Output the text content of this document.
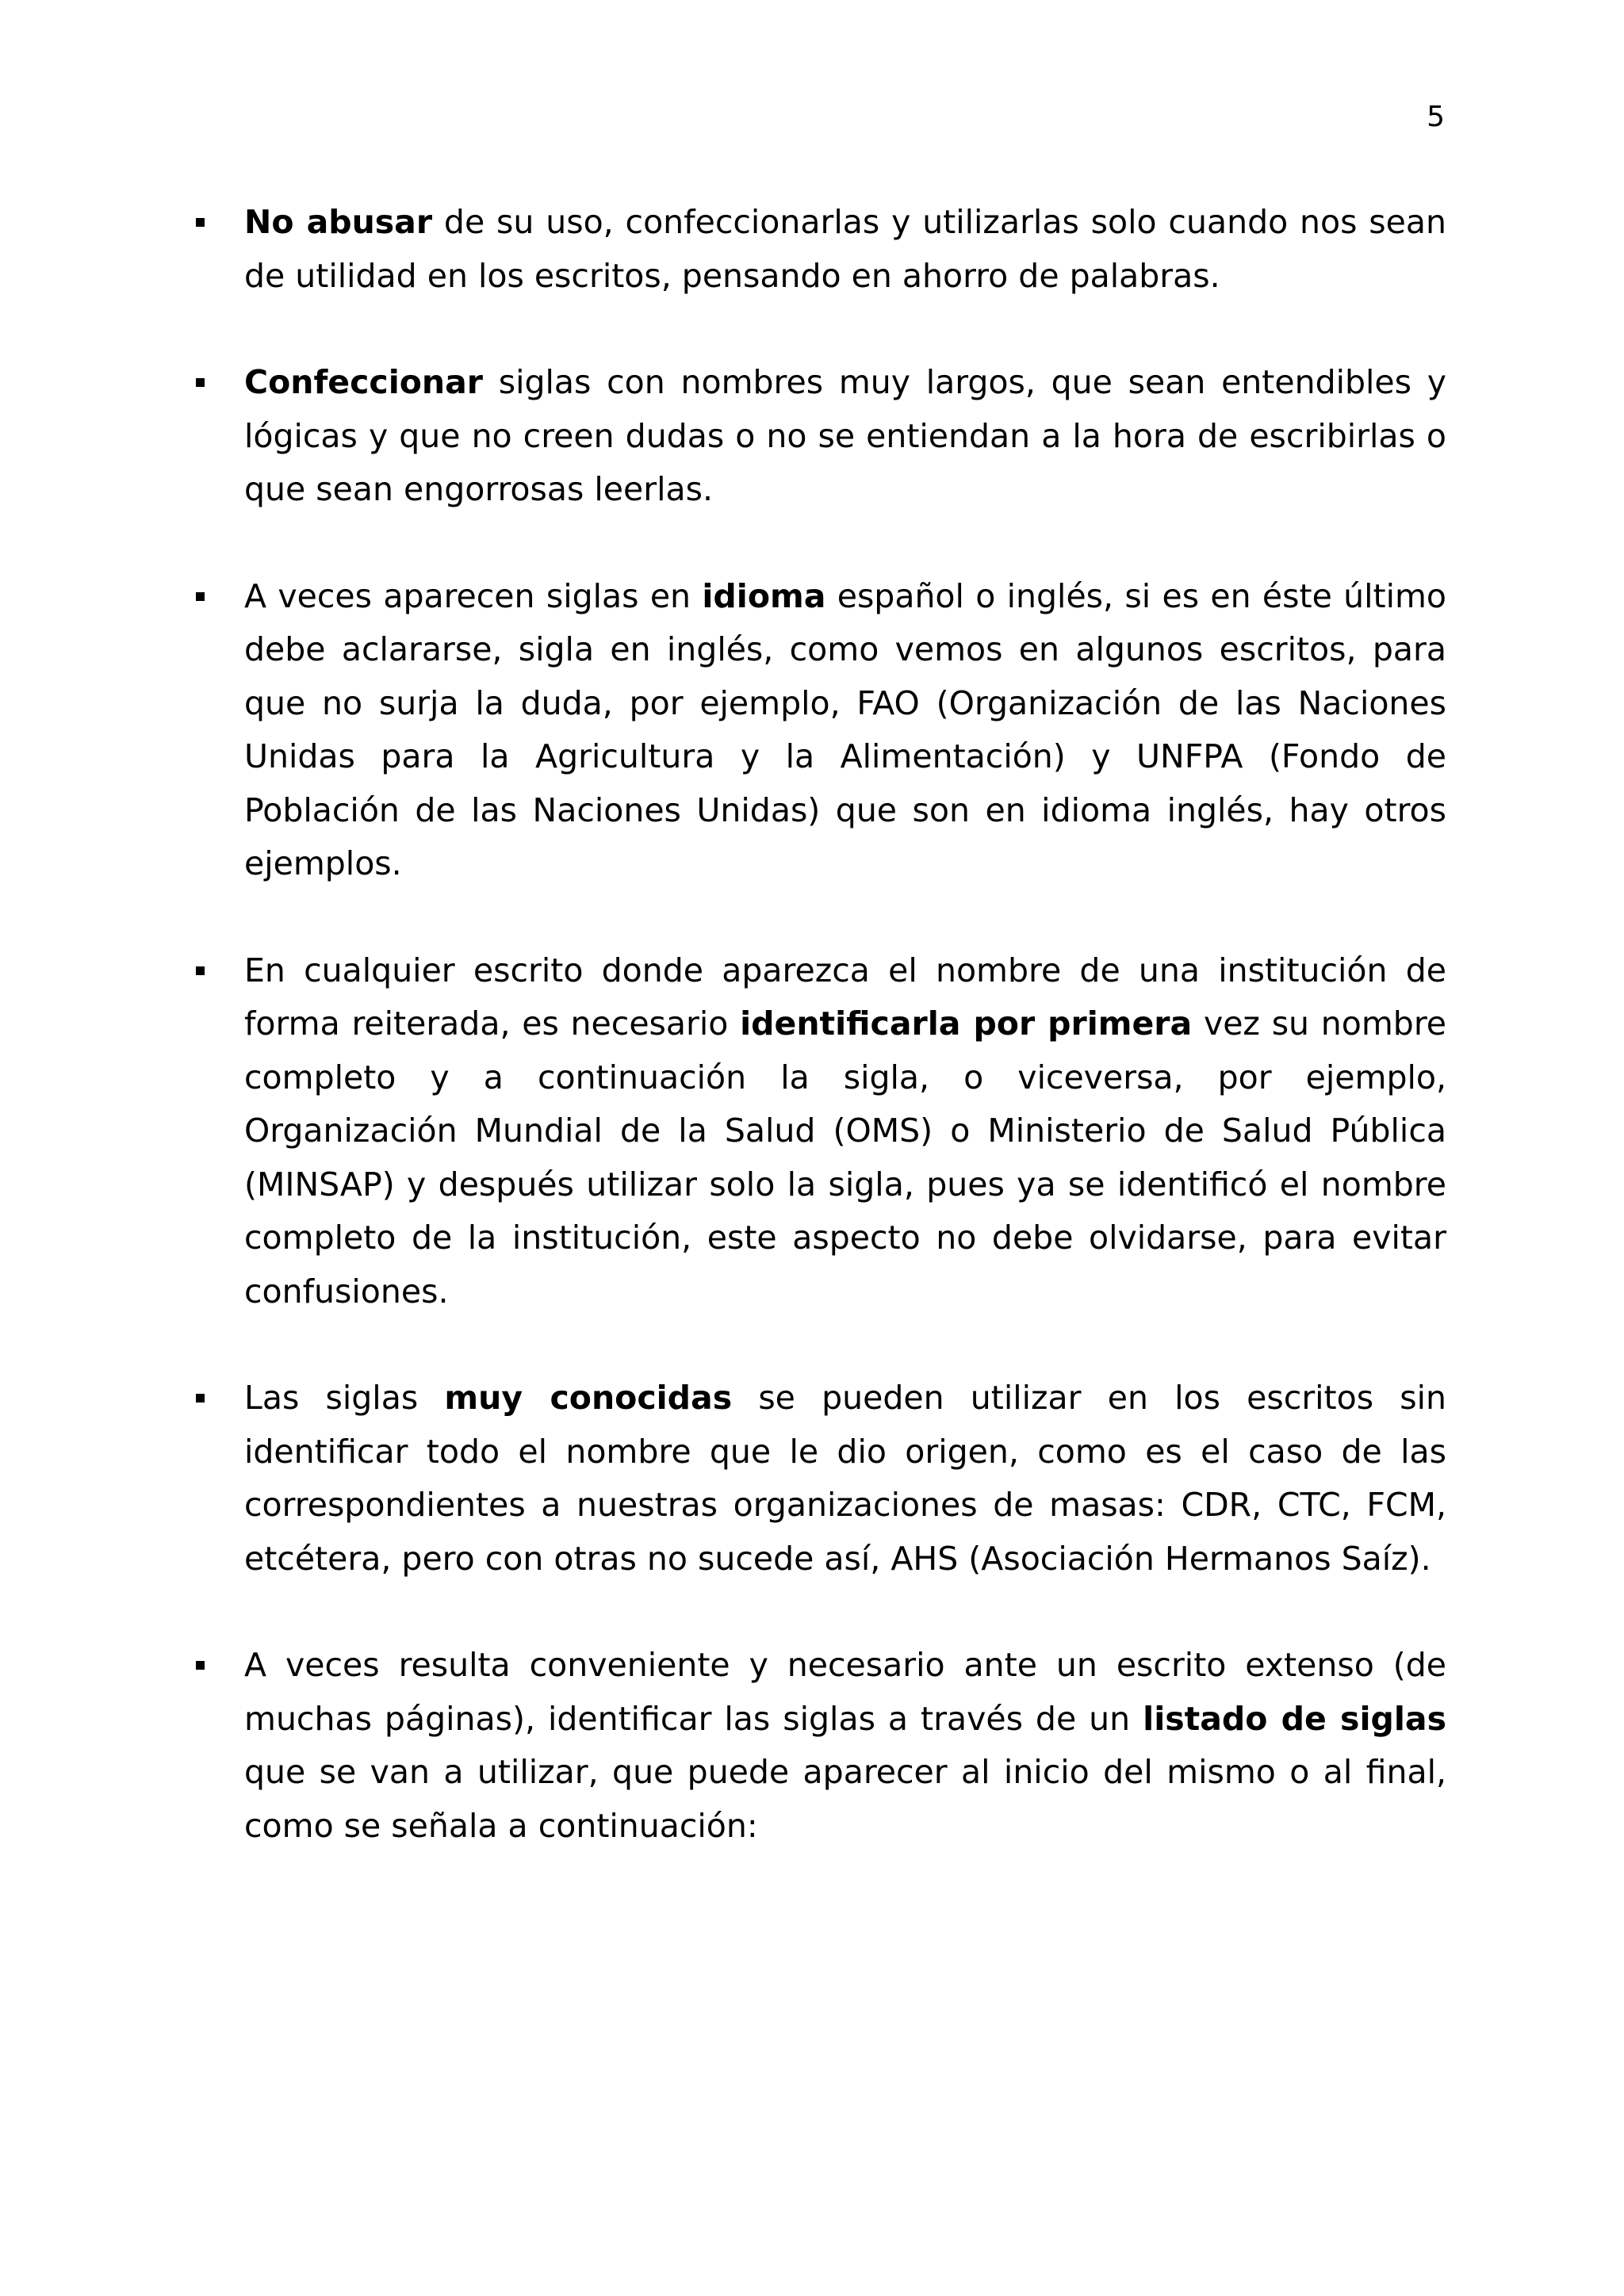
5

No abusar de su uso, confeccionarlas y utilizarlas solo cuando nos sean de utilidad en los escritos, pensando en ahorro de palabras.

Confeccionar siglas con nombres muy largos, que sean entendibles y lógicas y que no creen dudas o no se entiendan a la hora de escribirlas o que sean engorrosas leerlas.

A veces aparecen siglas en idioma español o inglés, si es en éste último debe aclararse, sigla en inglés, como vemos en algunos escritos, para que no surja la duda, por ejemplo, FAO (Organización de las Naciones Unidas para la Agricultura y la Alimentación) y UNFPA (Fondo de Población de las Naciones Unidas) que son en idioma inglés, hay otros ejemplos.

En cualquier escrito donde aparezca el nombre de una institución de forma reiterada, es necesario identificarla por primera vez su nombre completo y a continuación la sigla, o viceversa, por ejemplo, Organización Mundial de la Salud (OMS) o Ministerio de Salud Pública (MINSAP) y después utilizar solo la sigla, pues ya se identificó el nombre completo de la institución, este aspecto no debe olvidarse, para evitar confusiones.

Las siglas muy conocidas se pueden utilizar en los escritos sin identificar todo el nombre que le dio origen, como es el caso de las correspondientes a nuestras organizaciones de masas: CDR, CTC, FCM, etcétera, pero con otras no sucede así, AHS (Asociación Hermanos Saíz).

A veces resulta conveniente y necesario ante un escrito extenso (de muchas páginas), identificar las siglas a través de un listado de siglas que se van a utilizar, que puede aparecer al inicio del mismo o al final, como se señala a continuación:
